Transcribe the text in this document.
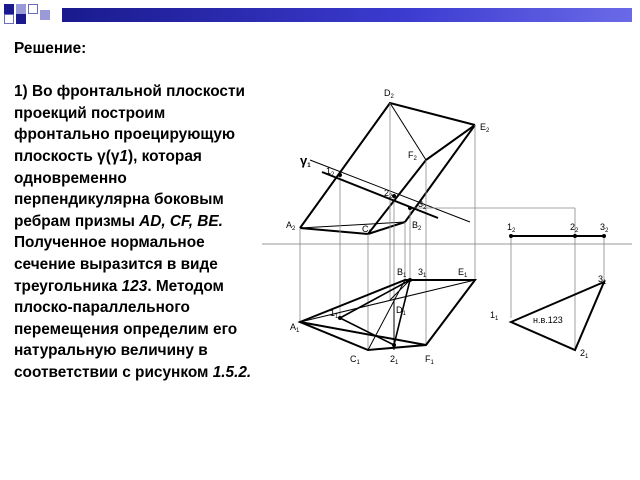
Решение:

1) Во фронтальной плоскости проекций построим фронтально проецирующую плоскость γ(γ1), которая одновременно перпендикулярна боковым ребрам призмы AD, CF, BE. Полученное нормальное сечение выразится в виде треугольника 123. Методом плоско-параллельного перемещения определим его натуральную величину в соответствии с рисунком 1.5.2.

$D_2$
$E_2$
$F_2$
γ1 $1_2$
$2_2$
$3_2$
$A_2$	$C_2$
$B_2$
$B_1$ $3_1$	$E_1$
$D_1$
$1_1$
$A_1$
$C_1$	$2_1$	$F_1$
$1_2$	$2_2$ $3_2$
$3_1$
$1_1$
$2_1$
н.в.123
